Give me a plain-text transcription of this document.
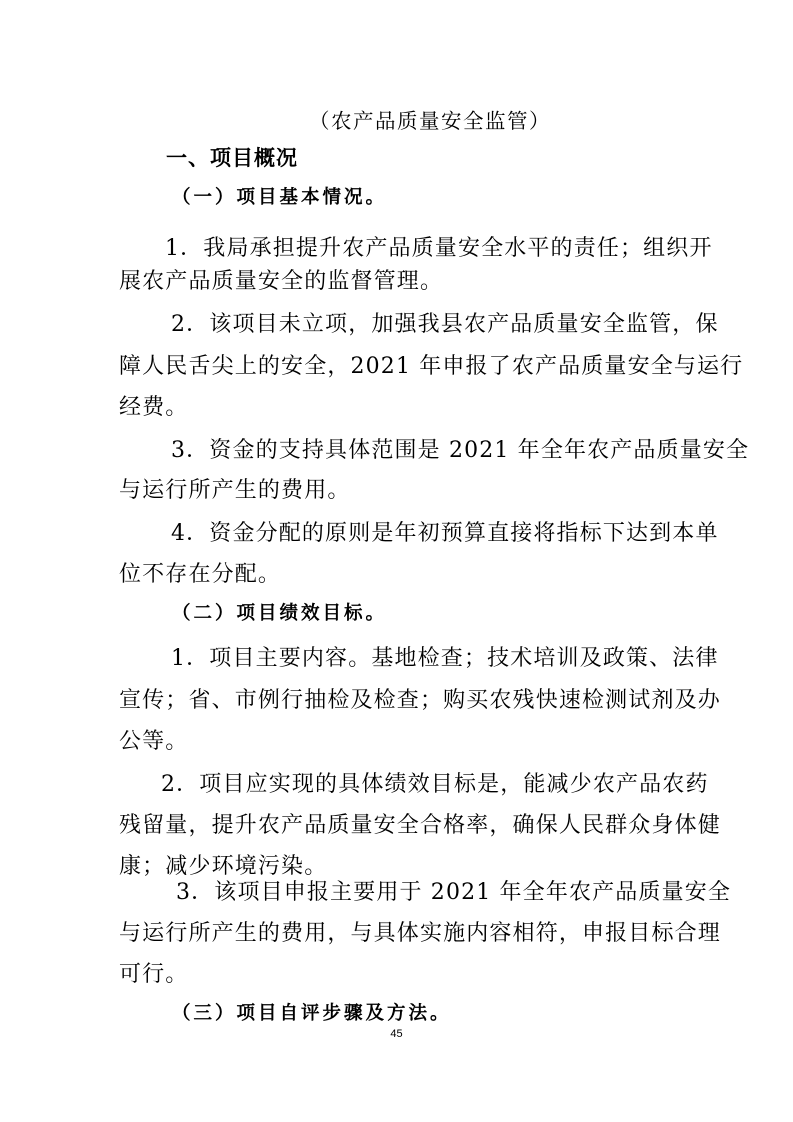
（农产品质量安全监管）
一、项目概况
（一）项目基本情况。
1．我局承担提升农产品质量安全水平的责任；组织开
展农产品质量安全的监督管理。
2．该项目未立项，加强我县农产品质量安全监管，保
障人民舌尖上的安全，2021 年申报了农产品质量安全与运行
经费。
3．资金的支持具体范围是 2021 年全年农产品质量安全
与运行所产生的费用。
4．资金分配的原则是年初预算直接将指标下达到本单
位不存在分配。
（二）项目绩效目标。
1．项目主要内容。基地检查；技术培训及政策、法律
宣传；省、市例行抽检及检查；购买农残快速检测试剂及办
公等。
2．项目应实现的具体绩效目标是，能减少农产品农药
残留量，提升农产品质量安全合格率，确保人民群众身体健
康；减少环境污染。
3．该项目申报主要用于 2021 年全年农产品质量安全
与运行所产生的费用，与具体实施内容相符，申报目标合理
可行。
（三）项目自评步骤及方法。
45
